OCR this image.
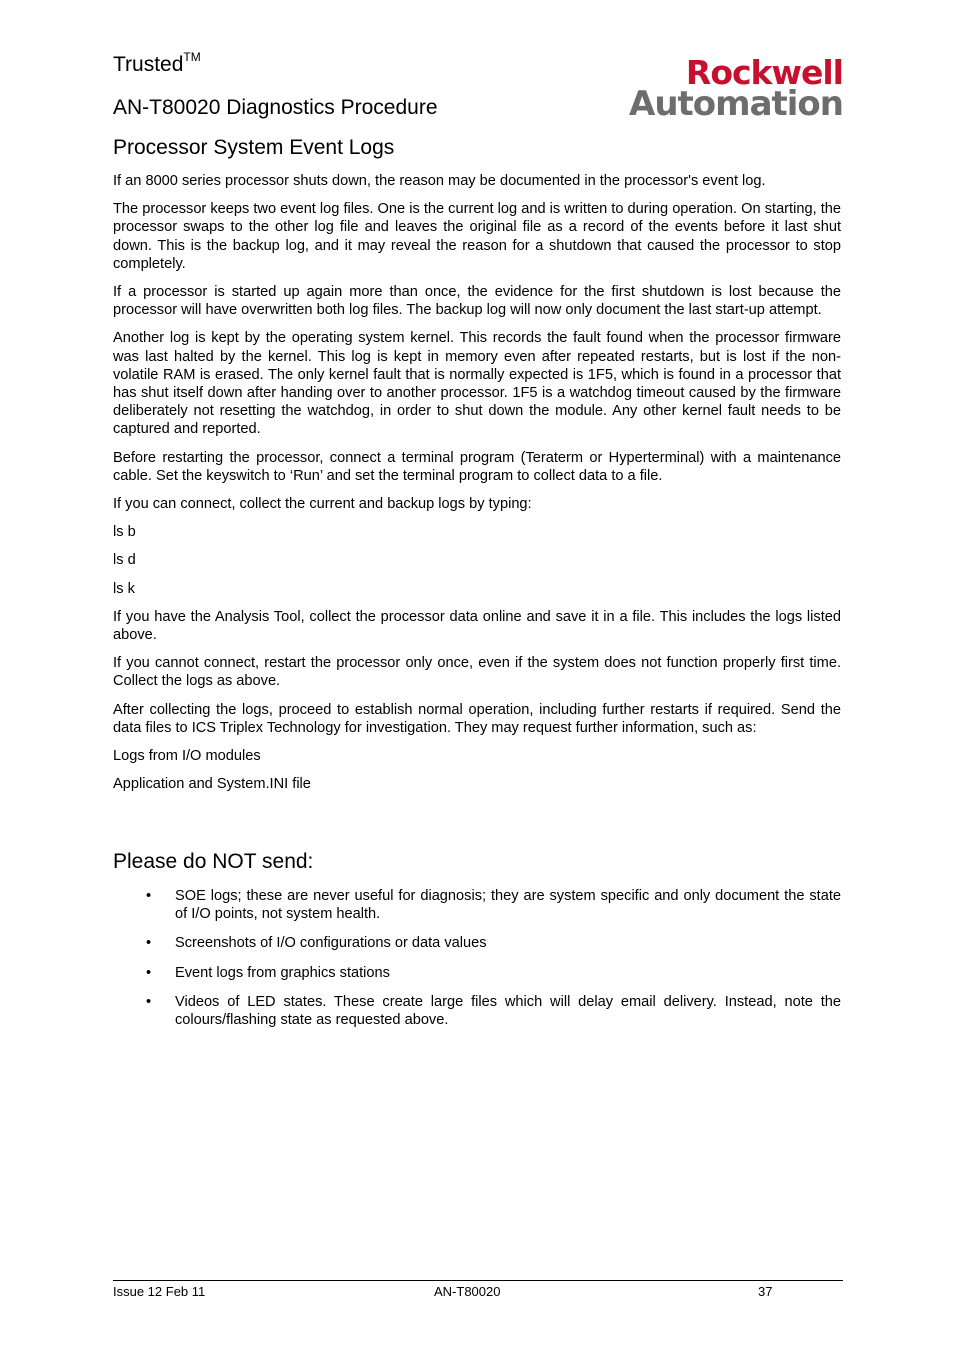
Trusted™
AN-T80020 Diagnostics Procedure
Rockwell
Automation
Processor System Event Logs

If an 8000 series processor shuts down, the reason may be documented in the processor's event log.

The processor keeps two event log files. One is the current log and is written to during operation. On starting, the processor swaps to the other log file and leaves the original file as a record of the events before it last shut down. This is the backup log, and it may reveal the reason for a shutdown that caused the processor to stop completely.

If a processor is started up again more than once, the evidence for the first shutdown is lost because the processor will have overwritten both log files. The backup log will now only document the last start-up attempt.

Another log is kept by the operating system kernel. This records the fault found when the processor firmware was last halted by the kernel. This log is kept in memory even after repeated restarts, but is lost if the non-volatile RAM is erased. The only kernel fault that is normally expected is 1F5, which is found in a processor that has shut itself down after handing over to another processor. 1F5 is a watchdog timeout caused by the firmware deliberately not resetting the watchdog, in order to shut down the module. Any other kernel fault needs to be captured and reported.

Before restarting the processor, connect a terminal program (Teraterm or Hyperterminal) with a maintenance cable. Set the keyswitch to ‘Run’ and set the terminal program to collect data to a file.

If you can connect, collect the current and backup logs by typing:

ls b

ls d

ls k

If you have the Analysis Tool, collect the processor data online and save it in a file. This includes the logs listed above.

If you cannot connect, restart the processor only once, even if the system does not function properly first time. Collect the logs as above.

After collecting the logs, proceed to establish normal operation, including further restarts if required. Send the data files to ICS Triplex Technology for investigation. They may request further information, such as:

Logs from I/O modules

Application and System.INI file

Please do NOT send:
• SOE logs; these are never useful for diagnosis; they are system specific and only document the state of I/O points, not system health.
• Screenshots of I/O configurations or data values
• Event logs from graphics stations
• Videos of LED states. These create large files which will delay email delivery. Instead, note the colours/flashing state as requested above.
Issue 12 Feb 11	AN-T80020	37
